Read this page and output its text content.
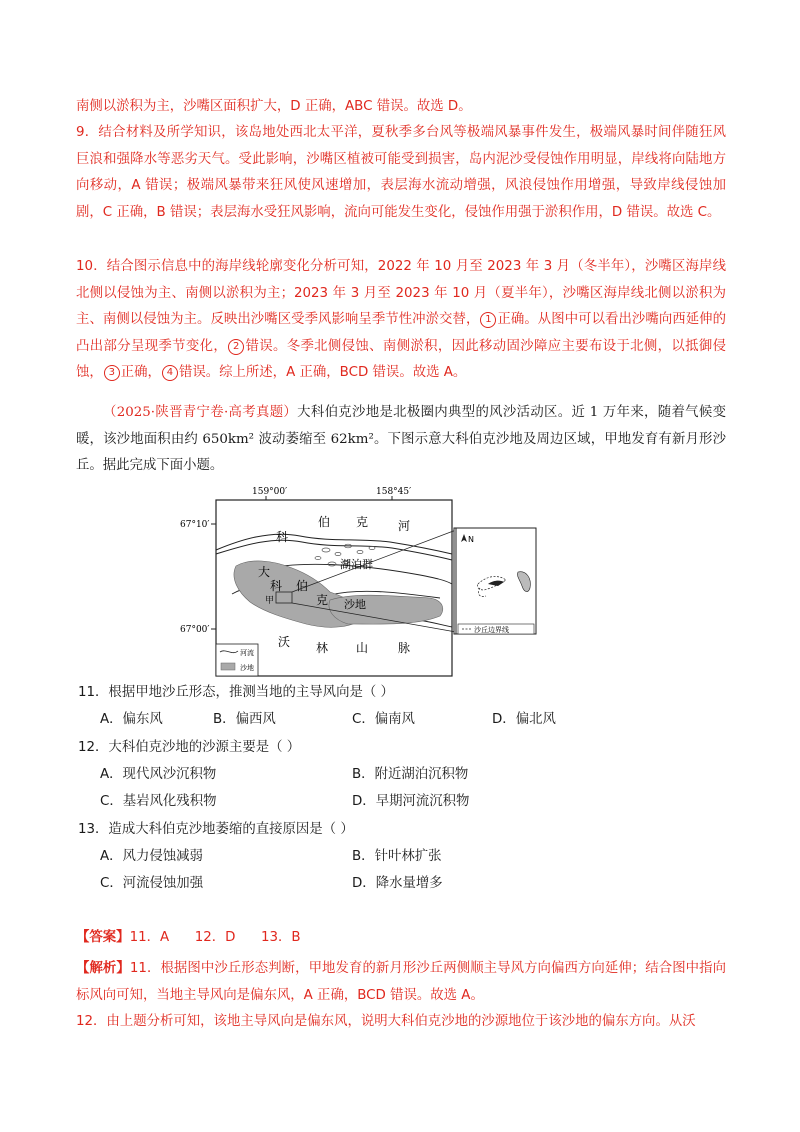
南侧以淤积为主，沙嘴区面积扩大，D 正确，ABC 错误。故选 D。

9．结合材料及所学知识，该岛地处西北太平洋，夏秋季多台风等极端风暴事件发生，极端风暴时间伴随狂风巨浪和强降水等恶劣天气。受此影响，沙嘴区植被可能受到损害，岛内泥沙受侵蚀作用明显，岸线将向陆地方向移动，A 错误；极端风暴带来狂风使风速增加，表层海水流动增强，风浪侵蚀作用增强，导致岸线侵蚀加剧，C 正确，B 错误；表层海水受狂风影响，流向可能发生变化，侵蚀作用强于淤积作用，D 错误。故选 C。

10．结合图示信息中的海岸线轮廓变化分析可知，2022 年 10 月至 2023 年 3 月（冬半年），沙嘴区海岸线北侧以侵蚀为主、南侧以淤积为主；2023 年 3 月至 2023 年 10 月（夏半年），沙嘴区海岸线北侧以淤积为主、南侧以侵蚀为主。反映出沙嘴区受季风影响呈季节性冲淤交替， 1 正确。从图中可以看出沙嘴向西延伸的凸出部分呈现季节变化， 2 错误。冬季北侧侵蚀、南侧淤积，因此移动固沙障应主要布设于北侧，以抵御侵蚀， 3 正确， 4 错误。综上所述，A 正确，BCD 错误。故选 A。

（2025·陕晋青宁卷·高考真题）大科伯克沙地是北极圈内典型的风沙活动区。近 1 万年来，随着气候变暖，该沙地面积由约 650km² 波动萎缩至 62km²。下图示意大科伯克沙地及周边区域，甲地发育有新月形沙丘。据此完成下面小题。

159°00′	158°45′
67°10′
67°00′
科
伯 克 河
大
科 伯
克
湖泊群
沙地
甲
沃 林 山 脉
河流
沙地
N
沙丘边界线
11．根据甲地沙丘形态，推测当地的主导风向是（ ）
A．偏东风	B．偏西风	C．偏南风	D．偏北风
12．大科伯克沙地的沙源主要是（ ）
A．现代风沙沉积物	B．附近湖泊沉积物
C．基岩风化残积物	D．早期河流沉积物
13．造成大科伯克沙地萎缩的直接原因是（ ）
A．风力侵蚀减弱	B．针叶林扩张
C．河流侵蚀加强	D．降水量增多
【答案】11．A      12．D      13．B

【解析】11．根据图中沙丘形态判断，甲地发育的新月形沙丘两侧顺主导风方向偏西方向延伸；结合图中指向标风向可知，当地主导风向是偏东风，A 正确，BCD 错误。故选 A。

12．由上题分析可知，该地主导风向是偏东风，说明大科伯克沙地的沙源地位于该沙地的偏东方向。从沃
